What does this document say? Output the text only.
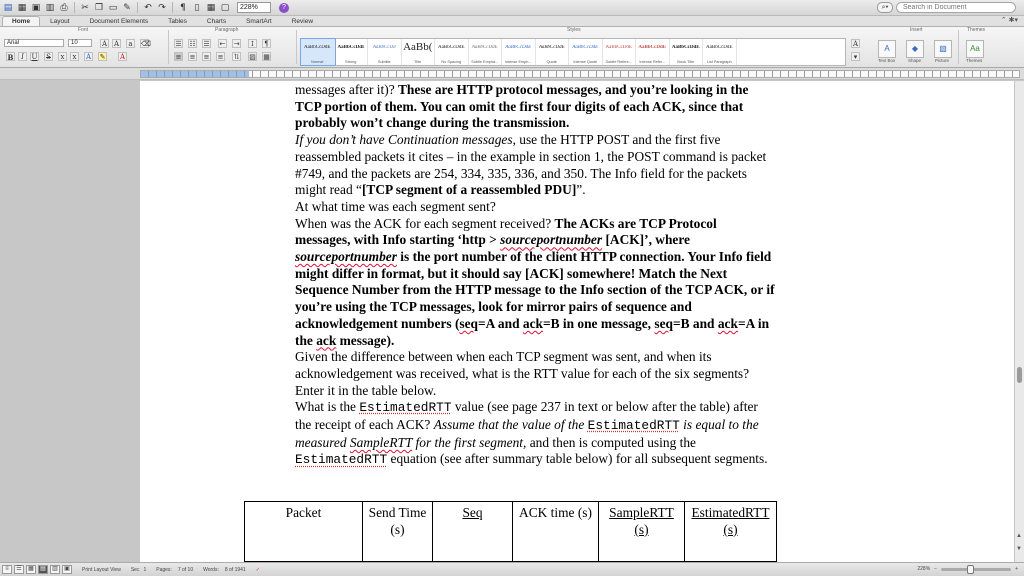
▤ ▦ ▣ ▥ ⎙ ✂ ❐ ▭ ✎ ↶ ↷	¶ ▯ ▦ ▢	228%	?	⌕▾
Search in Document
Home	Layout	Document Elements	Tables	Charts	SmartArt	Review	⌃ ✱▾
Font	Paragraph	Styles	Insert	Themes
Arial	10	A A	a	⌫
B	I	U S	x	x	A ✎ A
☰ ☷ ☰ ⇤ ⇥ ↕	¶
≡ ≡ ≡ ≡ ⇅ ▨ ▦
AaBbCcDdE
Normal
AaBbCcDdI
Strong
AaBbCcDd
Subtitle
AaBb(
Title
AaBbCcDdE
No Spacing
AaBbCcDdE
Subtle Empha...
AaBbCcDdE
Intense Emph...
AaBbCcDdE
Quote
AaBbCcDdE
Intense Quote
AaBbCcDdE
Subtle Refere...
AaBbCcDdE
Intense Refer...
AaBbCcDdE
Book Title
AaBbCcDdE
List Paragraph
A
▾
A
Text Box
◆
Shape
▧
Picture
Aa
Themes

messages after it)? These are HTTP protocol messages, and you’re looking in the TCP portion of them. You can omit the first four digits of each ACK, since that probably won’t change during the transmission.

If you don’t have Continuation messages, use the HTTP POST and the first five reassembled packets it cites – in the example in section 1, the POST command is packet #749, and the packets are 254, 334, 335, 336, and 350. The Info field for the packets might read “[TCP segment of a reassembled PDU]”.

At what time was each segment sent?

When was the ACK for each segment received? The ACKs are TCP Protocol messages, with Info starting ‘http > sourceportnumber [ACK]’, where sourceportnumber is the port number of the client HTTP connection. Your Info field might differ in format, but it should say [ACK] somewhere! Match the Next Sequence Number from the HTTP message to the Info section of the TCP ACK, or if you’re using the TCP messages, look for mirror pairs of sequence and acknowledgement numbers (seq=A and ack=B in one message, seq=B and ack=A in the ack message).

Given the difference between when each TCP segment was sent, and when its acknowledgement was received, what is the RTT value for each of the six segments? Enter it in the table below.

What is the EstimatedRTT value (see page 237 in text or below after the table) after the receipt of each ACK? Assume that the value of the EstimatedRTT is equal to the measured SampleRTT for the first segment, and then is computed using the EstimatedRTT equation (see after summary table below) for all subsequent segments.

Packet	Send Time (s)	Seq	ACK time (s)	SampleRTT (s)	EstimatedRTT (s)	▲
▼
≡	☰	▦	▤	▥	▣	Print Layout View Sec 1 Pages: 7 of 10 Words: 8 of 1941 ✓	228% −	+
